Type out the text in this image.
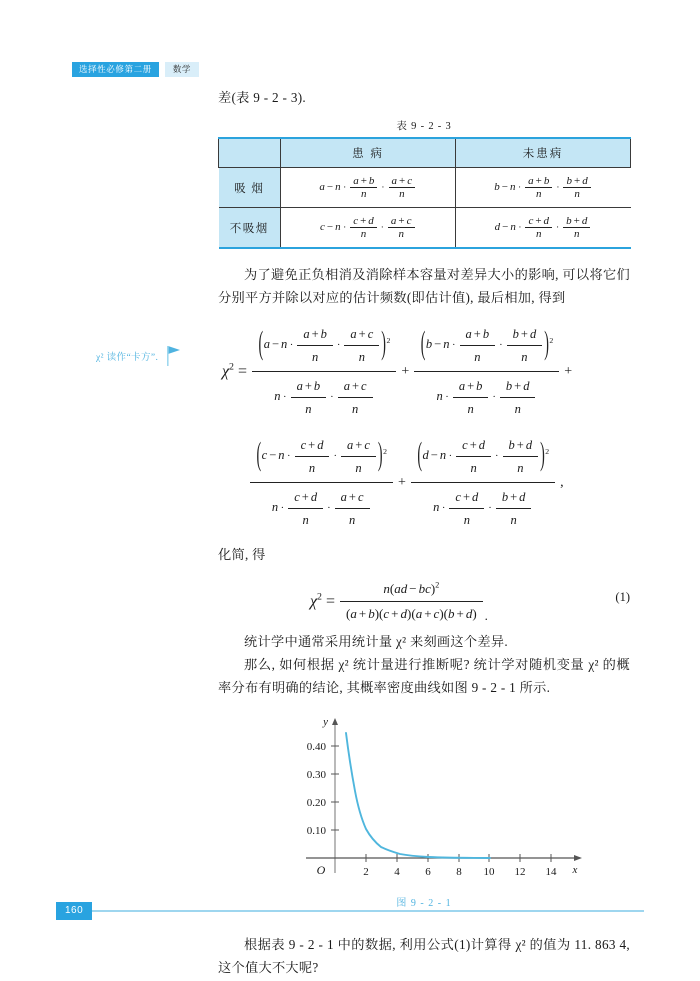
选择性必修第二册	数学
χ² 读作“卡方”.
差(表 9 - 2 - 3).
表 9 - 2 - 3
	患 病	未患病
吸 烟	$a - n \cdot \frac{a + b}{n} \cdot \frac{a + c}{n}$	$b - n \cdot \frac{a + b}{n} \cdot \frac{b + d}{n}$

不吸烟	$c - n \cdot \frac{c + d}{n} \cdot \frac{a + c}{n}$	$d - n \cdot \frac{c + d}{n} \cdot \frac{b + d}{n}$

为了避免正负相消及消除样本容量对差异大小的影响, 可以将它们分别平方并除以对应的估计频数(即估计值), 最后相加, 得到

$\chi^2 = \frac{(a - n \cdot \frac{a + b}{n} \cdot \frac{a + c}{n} )^2}{n \cdot \frac{a + b}{n} \cdot \frac{a + c}{n}} + \frac{(b - n \cdot \frac{a + b}{n} \cdot \frac{b + d}{n} )^2}{n \cdot \frac{a + b}{n} \cdot \frac{b + d}{n}}$ +
$\frac{(c - n \cdot \frac{c + d}{n} \cdot \frac{a + c}{n} )^2}{n \cdot \frac{c + d}{n} \cdot \frac{a + c}{n}} + \frac{(d - n \cdot \frac{c + d}{n} \cdot \frac{b + d}{n} )^2}{n \cdot \frac{c + d}{n} \cdot \frac{b + d}{n}}$ ,
化简, 得
$\chi^2 = \frac{n(ad - bc)^2}{(a + b)(c + d)(a + c)(b + d)}$ .
(1)

统计学中通常采用统计量 χ² 来刻画这个差异.

那么, 如何根据 χ² 统计量进行推断呢? 统计学对随机变量 χ² 的概率分布有明确的结论, 其概率密度曲线如图 9 - 2 - 1 所示.

0.10
0.20
0.30
0.40
2 4 6 8 10 12 14
y
x
O
图 9 - 2 - 1

根据表 9 - 2 - 1 中的数据, 利用公式(1)计算得 χ² 的值为 11. 863 4, 这个值大不大呢?

160
